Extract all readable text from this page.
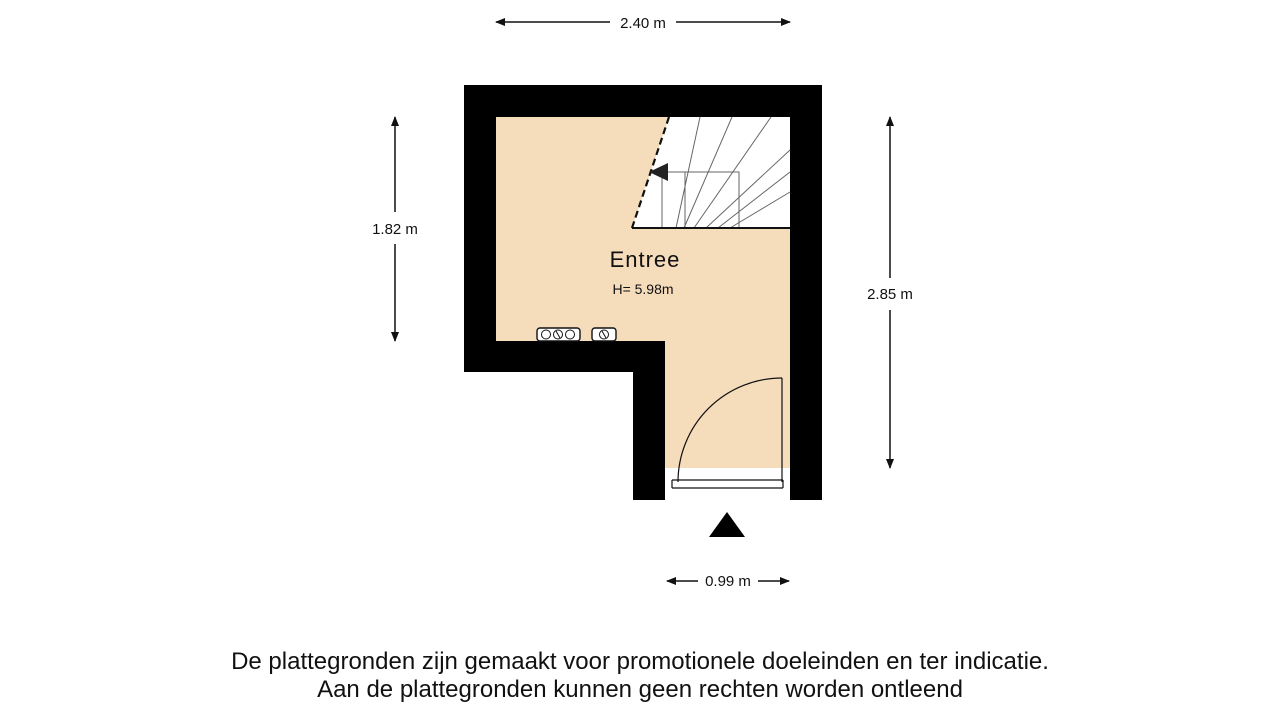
Entree
H= 5.98m
2.40 m
1.82 m
2.85 m
0.99 m
De plattegronden zijn gemaakt voor promotionele doeleinden en ter indicatie.
Aan de plattegronden kunnen geen rechten worden ontleend
